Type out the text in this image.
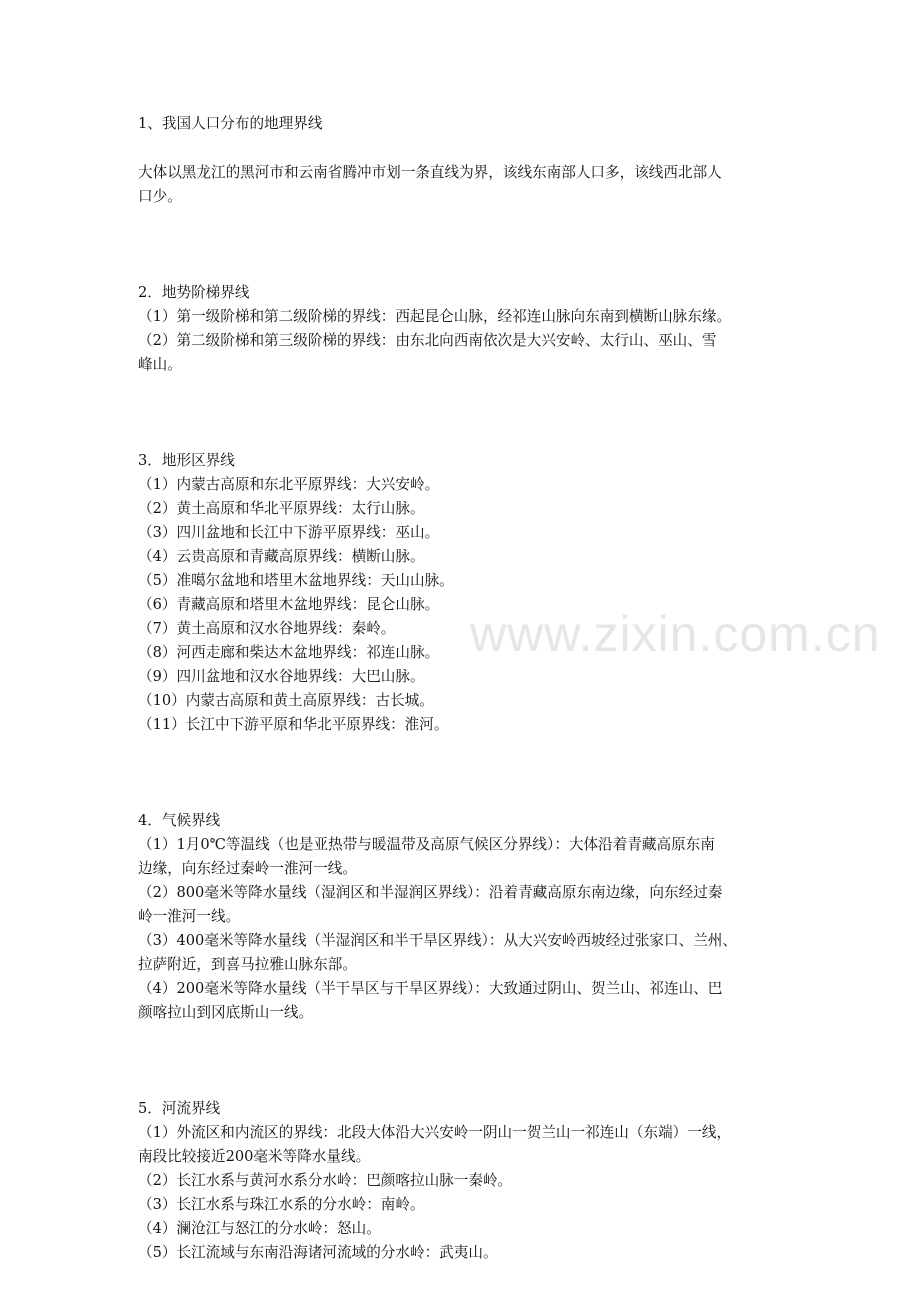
www.zixin.com.cn

1、我国人口分布的地理界线

大体以黑龙江的黑河市和云南省腾冲市划一条直线为界，该线东南部人口多，该线西北部人

口少。

2．地势阶梯界线

（1）第一级阶梯和第二级阶梯的界线：西起昆仑山脉，经祁连山脉向东南到横断山脉东缘。

（2）第二级阶梯和第三级阶梯的界线：由东北向西南依次是大兴安岭、太行山、巫山、雪

峰山。

3．地形区界线

（1）内蒙古高原和东北平原界线：大兴安岭。

（2）黄土高原和华北平原界线：太行山脉。

（3）四川盆地和长江中下游平原界线：巫山。

（4）云贵高原和青藏高原界线：横断山脉。

（5）准噶尔盆地和塔里木盆地界线：天山山脉。

（6）青藏高原和塔里木盆地界线：昆仑山脉。

（7）黄土高原和汉水谷地界线：秦岭。

（8）河西走廊和柴达木盆地界线：祁连山脉。

（9）四川盆地和汉水谷地界线：大巴山脉。

（10）内蒙古高原和黄土高原界线：古长城。

（11）长江中下游平原和华北平原界线：淮河。

4．气候界线

（1）1月0℃等温线（也是亚热带与暖温带及高原气候区分界线）：大体沿着青藏高原东南

边缘，向东经过秦岭一淮河一线。

（2）800毫米等降水量线（湿润区和半湿润区界线）：沿着青藏高原东南边缘，向东经过秦

岭一淮河一线。

（3）400毫米等降水量线（半湿润区和半干旱区界线）：从大兴安岭西坡经过张家口、兰州、

拉萨附近，到喜马拉雅山脉东部。

（4）200毫米等降水量线（半干旱区与干旱区界线）：大致通过阴山、贺兰山、祁连山、巴

颜喀拉山到冈底斯山一线。

5．河流界线

（1）外流区和内流区的界线：北段大体沿大兴安岭一阴山一贺兰山一祁连山（东端）一线，

南段比较接近200毫米等降水量线。

（2）长江水系与黄河水系分水岭：巴颜喀拉山脉一秦岭。

（3）长江水系与珠江水系的分水岭：南岭。

（4）澜沧江与怒江的分水岭：怒山。

（5）长江流域与东南沿海诸河流域的分水岭：武夷山。
